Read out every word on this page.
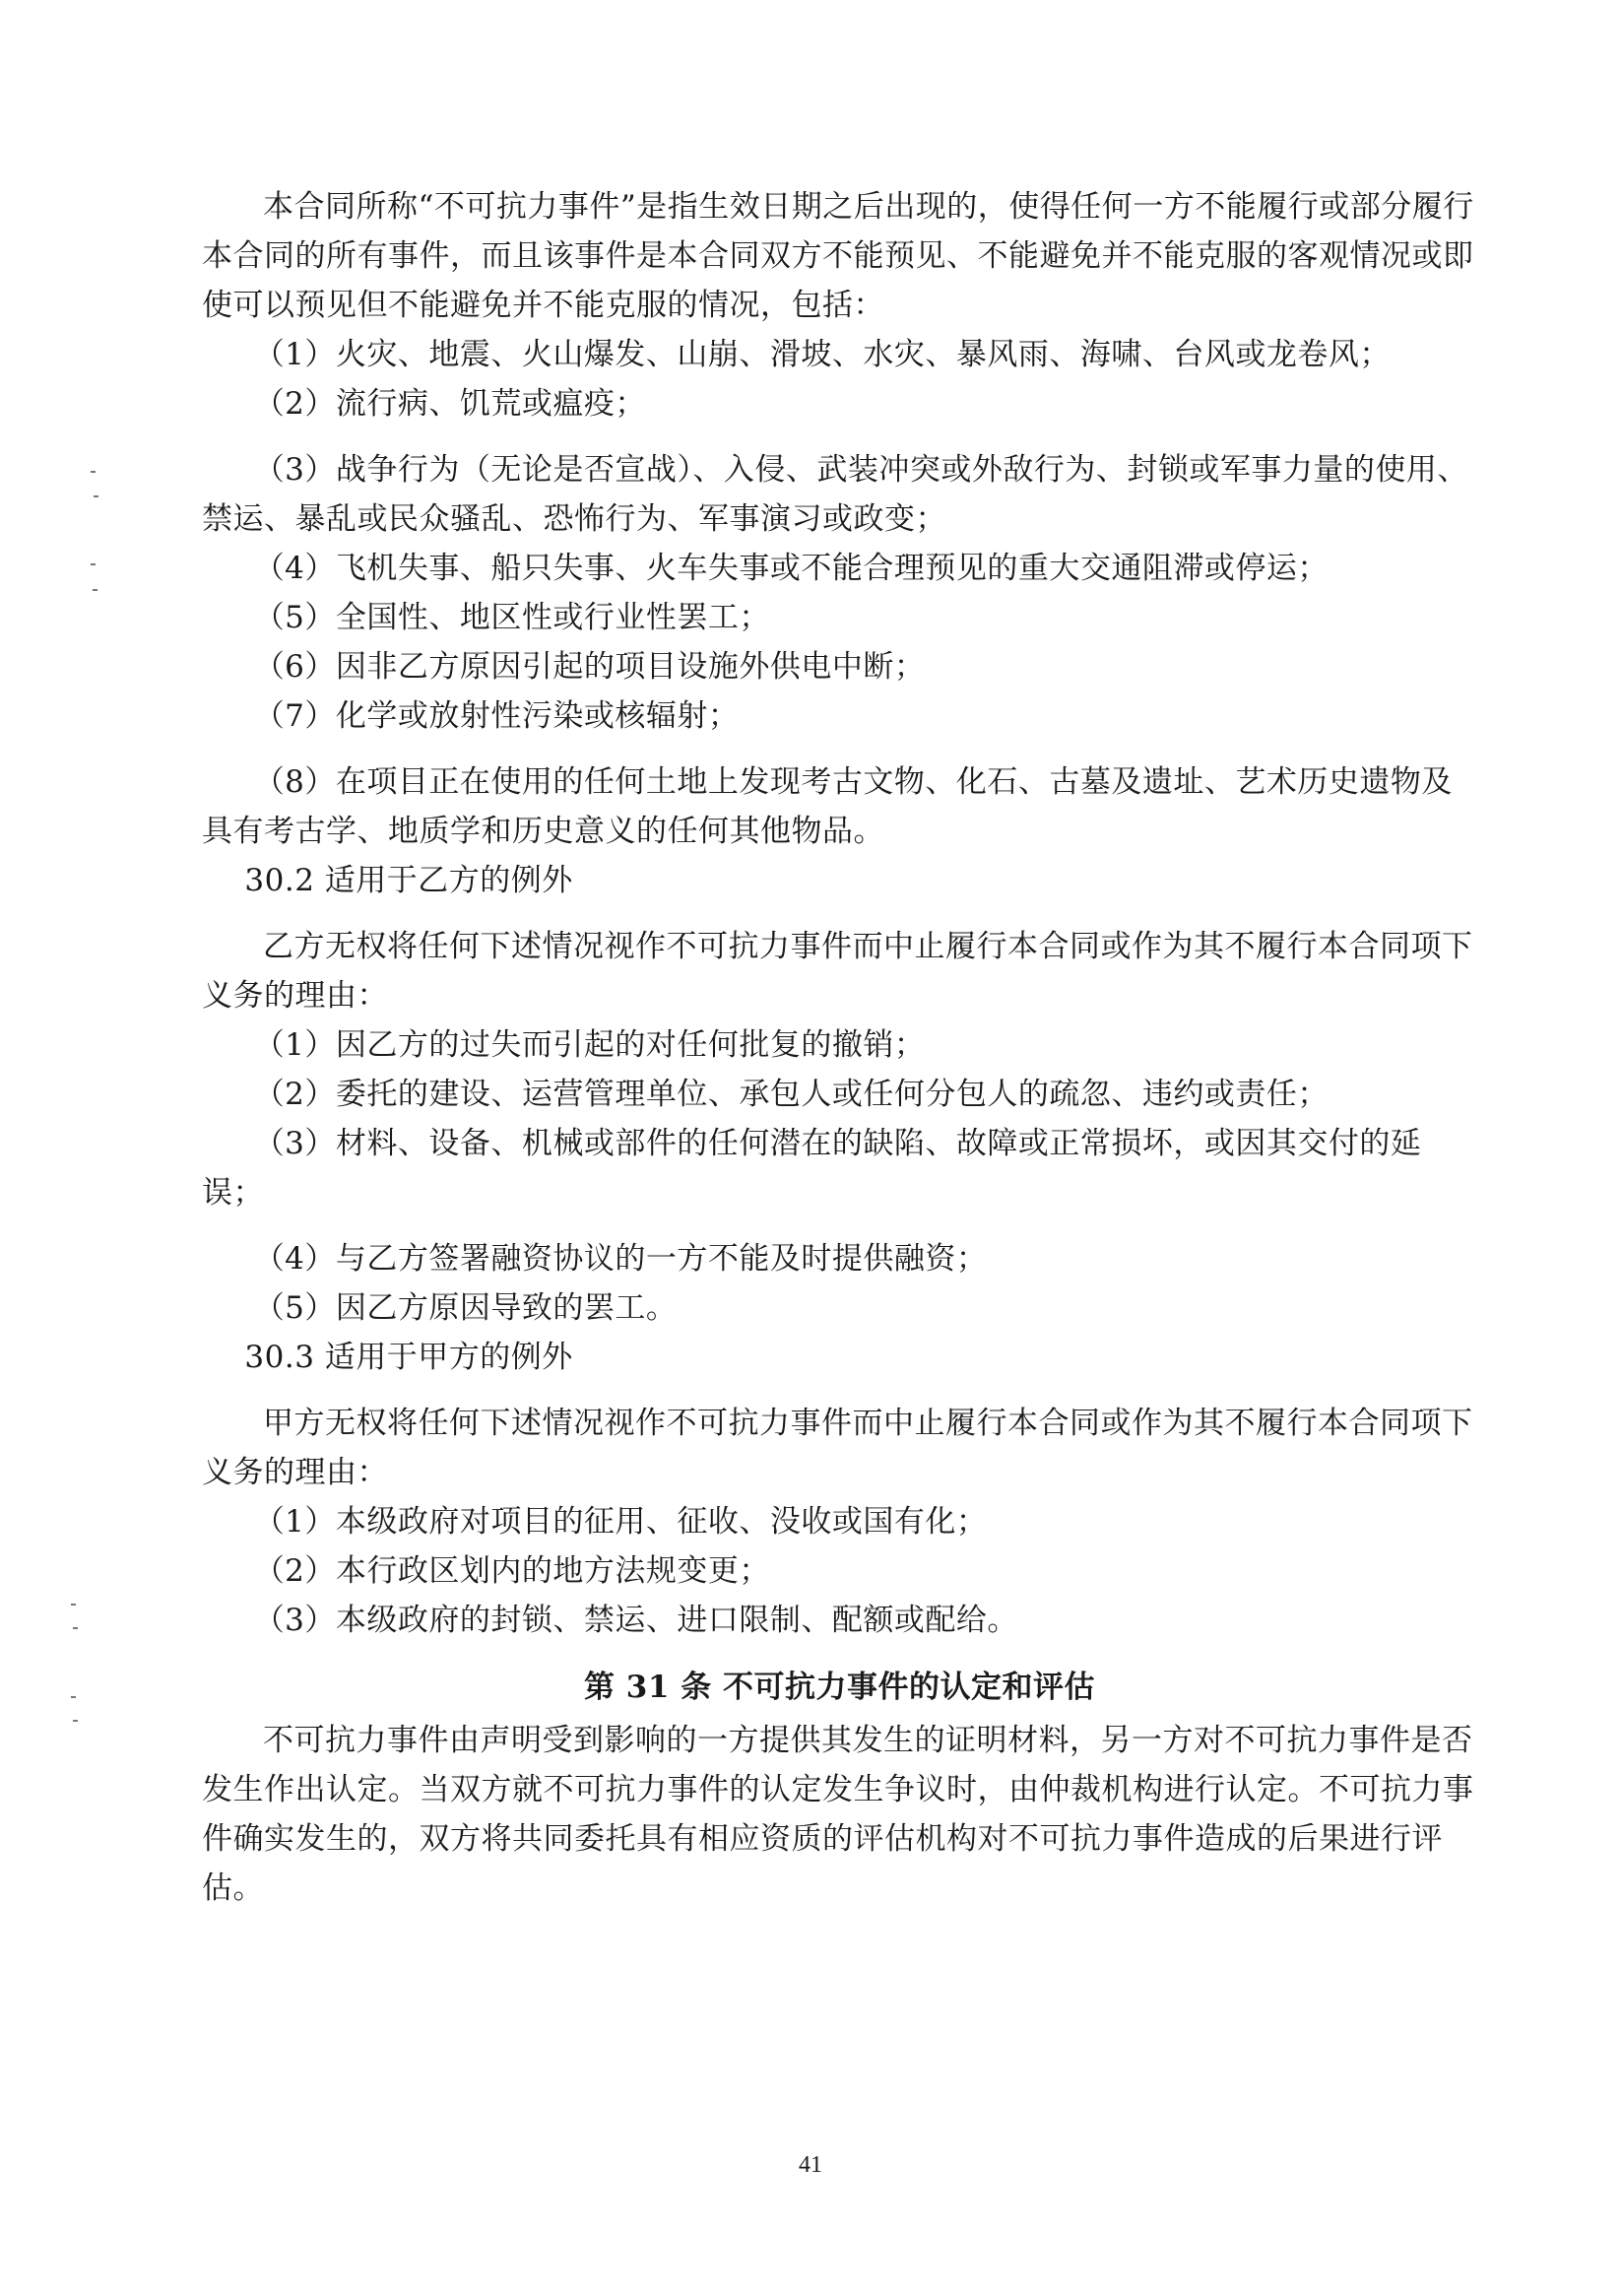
本合同所称“不可抗力事件”是指生效日期之后出现的，使得任何一方不能履行或部分履行本合同的所有事件，而且该事件是本合同双方不能预见、不能避免并不能克服的客观情况或即使可以预见但不能避免并不能克服的情况，包括：

（1）火灾、地震、火山爆发、山崩、滑坡、水灾、暴风雨、海啸、台风或龙卷风；

（2）流行病、饥荒或瘟疫；

（3）战争行为（无论是否宣战）、入侵、武装冲突或外敌行为、封锁或军事力量的使用、禁运、暴乱或民众骚乱、恐怖行为、军事演习或政变；

（4）飞机失事、船只失事、火车失事或不能合理预见的重大交通阻滞或停运；

（5）全国性、地区性或行业性罢工；

（6）因非乙方原因引起的项目设施外供电中断；

（7）化学或放射性污染或核辐射；

（8）在项目正在使用的任何土地上发现考古文物、化石、古墓及遗址、艺术历史遗物及具有考古学、地质学和历史意义的任何其他物品。

30.2 适用于乙方的例外

乙方无权将任何下述情况视作不可抗力事件而中止履行本合同或作为其不履行本合同项下义务的理由：

（1）因乙方的过失而引起的对任何批复的撤销；

（2）委托的建设、运营管理单位、承包人或任何分包人的疏忽、违约或责任；

（3）材料、设备、机械或部件的任何潜在的缺陷、故障或正常损坏，或因其交付的延误；

（4）与乙方签署融资协议的一方不能及时提供融资；

（5）因乙方原因导致的罢工。

30.3 适用于甲方的例外

甲方无权将任何下述情况视作不可抗力事件而中止履行本合同或作为其不履行本合同项下义务的理由：

（1）本级政府对项目的征用、征收、没收或国有化；

（2）本行政区划内的地方法规变更；

（3）本级政府的封锁、禁运、进口限制、配额或配给。

第 31 条 不可抗力事件的认定和评估

不可抗力事件由声明受到影响的一方提供其发生的证明材料，另一方对不可抗力事件是否发生作出认定。当双方就不可抗力事件的认定发生争议时，由仲裁机构进行认定。不可抗力事件确实发生的，双方将共同委托具有相应资质的评估机构对不可抗力事件造成的后果进行评估。

41
